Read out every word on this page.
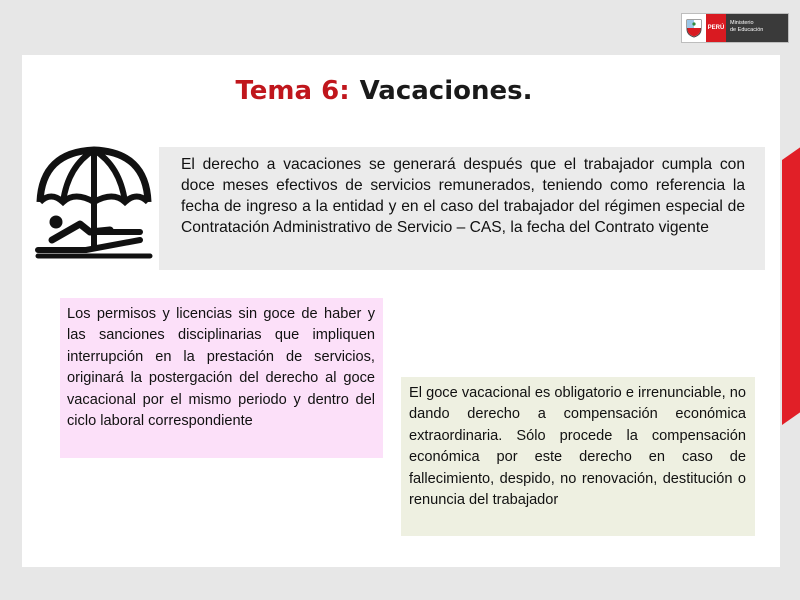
PERÚ
Ministerio
de Educación
Tema 6: Vacaciones.

El derecho a vacaciones se generará después que el trabajador cumpla con doce meses efectivos de servicios remunerados, teniendo como referencia la fecha de ingreso a la entidad y en el caso del trabajador del régimen especial de Contratación Administrativo de Servicio – CAS, la fecha del Contrato vigente

Los permisos y licencias sin goce de haber y las sanciones disciplinarias que impliquen interrupción en la prestación de servicios, originará la postergación del derecho al goce vacacional por el mismo periodo y dentro del ciclo laboral correspondiente

El goce vacacional es obligatorio e irrenunciable, no dando derecho a compensación económica extraordinaria. Sólo procede la compensación económica por este derecho en caso de fallecimiento, despido, no renovación, destitución o renuncia del trabajador
